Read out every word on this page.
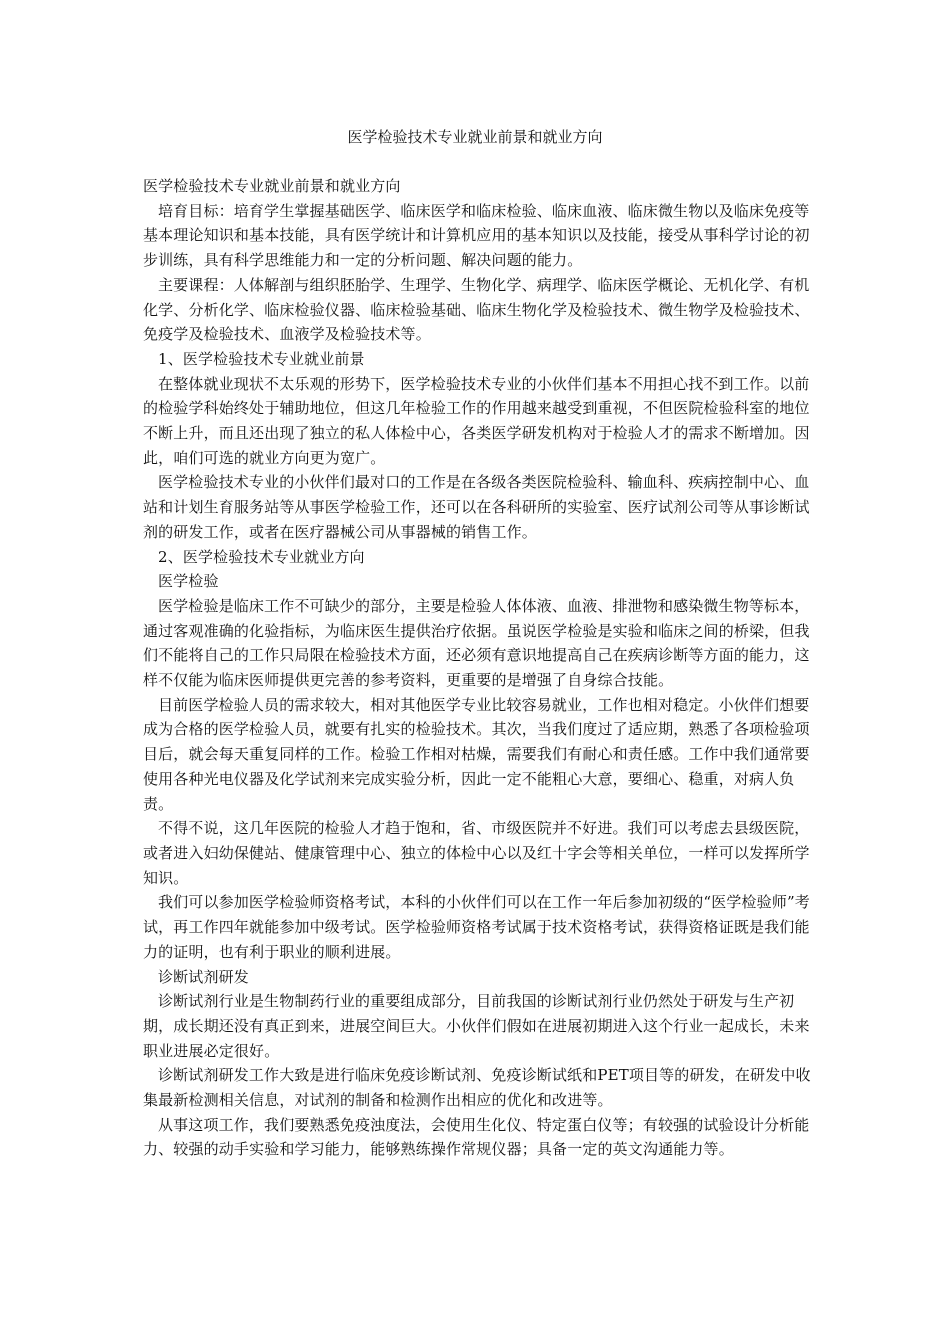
医学检验技术专业就业前景和就业方向

医学检验技术专业就业前景和就业方向

培育目标：培育学生掌握基础医学、临床医学和临床检验、临床血液、临床微生物以及临床免疫等基本理论知识和基本技能，具有医学统计和计算机应用的基本知识以及技能，接受从事科学讨论的初步训练，具有科学思维能力和一定的分析问题、解决问题的能力。

主要课程：人体解剖与组织胚胎学、生理学、生物化学、病理学、临床医学概论、无机化学、有机化学、分析化学、临床检验仪器、临床检验基础、临床生物化学及检验技术、微生物学及检验技术、免疫学及检验技术、血液学及检验技术等。

1、医学检验技术专业就业前景

在整体就业现状不太乐观的形势下，医学检验技术专业的小伙伴们基本不用担心找不到工作。以前的检验学科始终处于辅助地位，但这几年检验工作的作用越来越受到重视，不但医院检验科室的地位不断上升，而且还出现了独立的私人体检中心，各类医学研发机构对于检验人才的需求不断增加。因此，咱们可选的就业方向更为宽广。

医学检验技术专业的小伙伴们最对口的工作是在各级各类医院检验科、输血科、疾病控制中心、血站和计划生育服务站等从事医学检验工作，还可以在各科研所的实验室、医疗试剂公司等从事诊断试剂的研发工作，或者在医疗器械公司从事器械的销售工作。

2、医学检验技术专业就业方向

医学检验

医学检验是临床工作不可缺少的部分，主要是检验人体体液、血液、排泄物和感染微生物等标本，通过客观准确的化验指标，为临床医生提供治疗依据。虽说医学检验是实验和临床之间的桥梁，但我们不能将自己的工作只局限在检验技术方面，还必须有意识地提高自己在疾病诊断等方面的能力，这样不仅能为临床医师提供更完善的参考资料，更重要的是增强了自身综合技能。

目前医学检验人员的需求较大，相对其他医学专业比较容易就业，工作也相对稳定。小伙伴们想要成为合格的医学检验人员，就要有扎实的检验技术。其次，当我们度过了适应期，熟悉了各项检验项目后，就会每天重复同样的工作。检验工作相对枯燥，需要我们有耐心和责任感。工作中我们通常要使用各种光电仪器及化学试剂来完成实验分析，因此一定不能粗心大意，要细心、稳重，对病人负责。

不得不说，这几年医院的检验人才趋于饱和，省、市级医院并不好进。我们可以考虑去县级医院，或者进入妇幼保健站、健康管理中心、独立的体检中心以及红十字会等相关单位，一样可以发挥所学知识。

我们可以参加医学检验师资格考试，本科的小伙伴们可以在工作一年后参加初级的“医学检验师”考试，再工作四年就能参加中级考试。医学检验师资格考试属于技术资格考试，获得资格证既是我们能力的证明，也有利于职业的顺利进展。

诊断试剂研发

诊断试剂行业是生物制药行业的重要组成部分，目前我国的诊断试剂行业仍然处于研发与生产初期，成长期还没有真正到来，进展空间巨大。小伙伴们假如在进展初期进入这个行业一起成长，未来职业进展必定很好。

诊断试剂研发工作大致是进行临床免疫诊断试剂、免疫诊断试纸和PET项目等的研发，在研发中收集最新检测相关信息，对试剂的制备和检测作出相应的优化和改进等。

从事这项工作，我们要熟悉免疫浊度法，会使用生化仪、特定蛋白仪等；有较强的试验设计分析能力、较强的动手实验和学习能力，能够熟练操作常规仪器；具备一定的英文沟通能力等。
